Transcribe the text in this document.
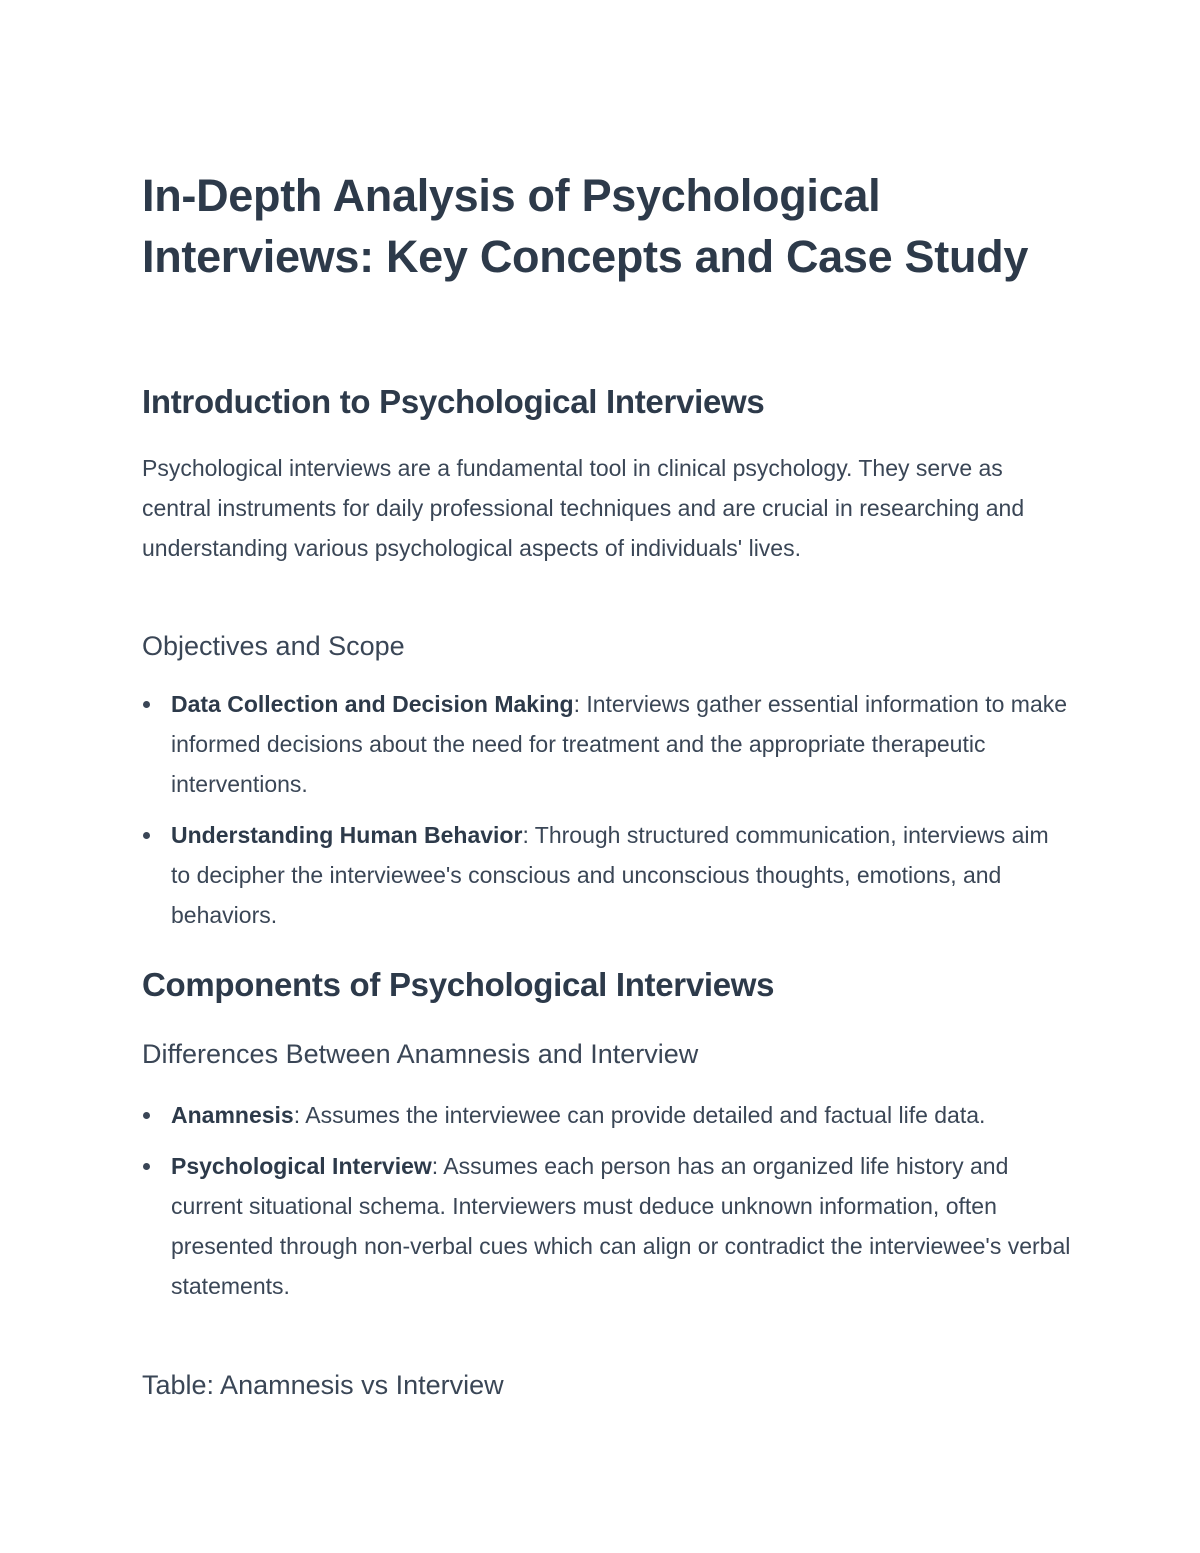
In-Depth Analysis of Psychological Interviews: Key Concepts and Case Study
Introduction to Psychological Interviews

Psychological interviews are a fundamental tool in clinical psychology. They serve as central instruments for daily professional techniques and are crucial in researching and understanding various psychological aspects of individuals' lives.

Objectives and Scope
Data Collection and Decision Making: Interviews gather essential information to make informed decisions about the need for treatment and the appropriate therapeutic interventions.
Understanding Human Behavior: Through structured communication, interviews aim to decipher the interviewee's conscious and unconscious thoughts, emotions, and behaviors.
Components of Psychological Interviews
Differences Between Anamnesis and Interview
Anamnesis: Assumes the interviewee can provide detailed and factual life data.
Psychological Interview: Assumes each person has an organized life history and current situational schema. Interviewers must deduce unknown information, often presented through non-verbal cues which can align or contradict the interviewee's verbal statements.
Table: Anamnesis vs Interview
